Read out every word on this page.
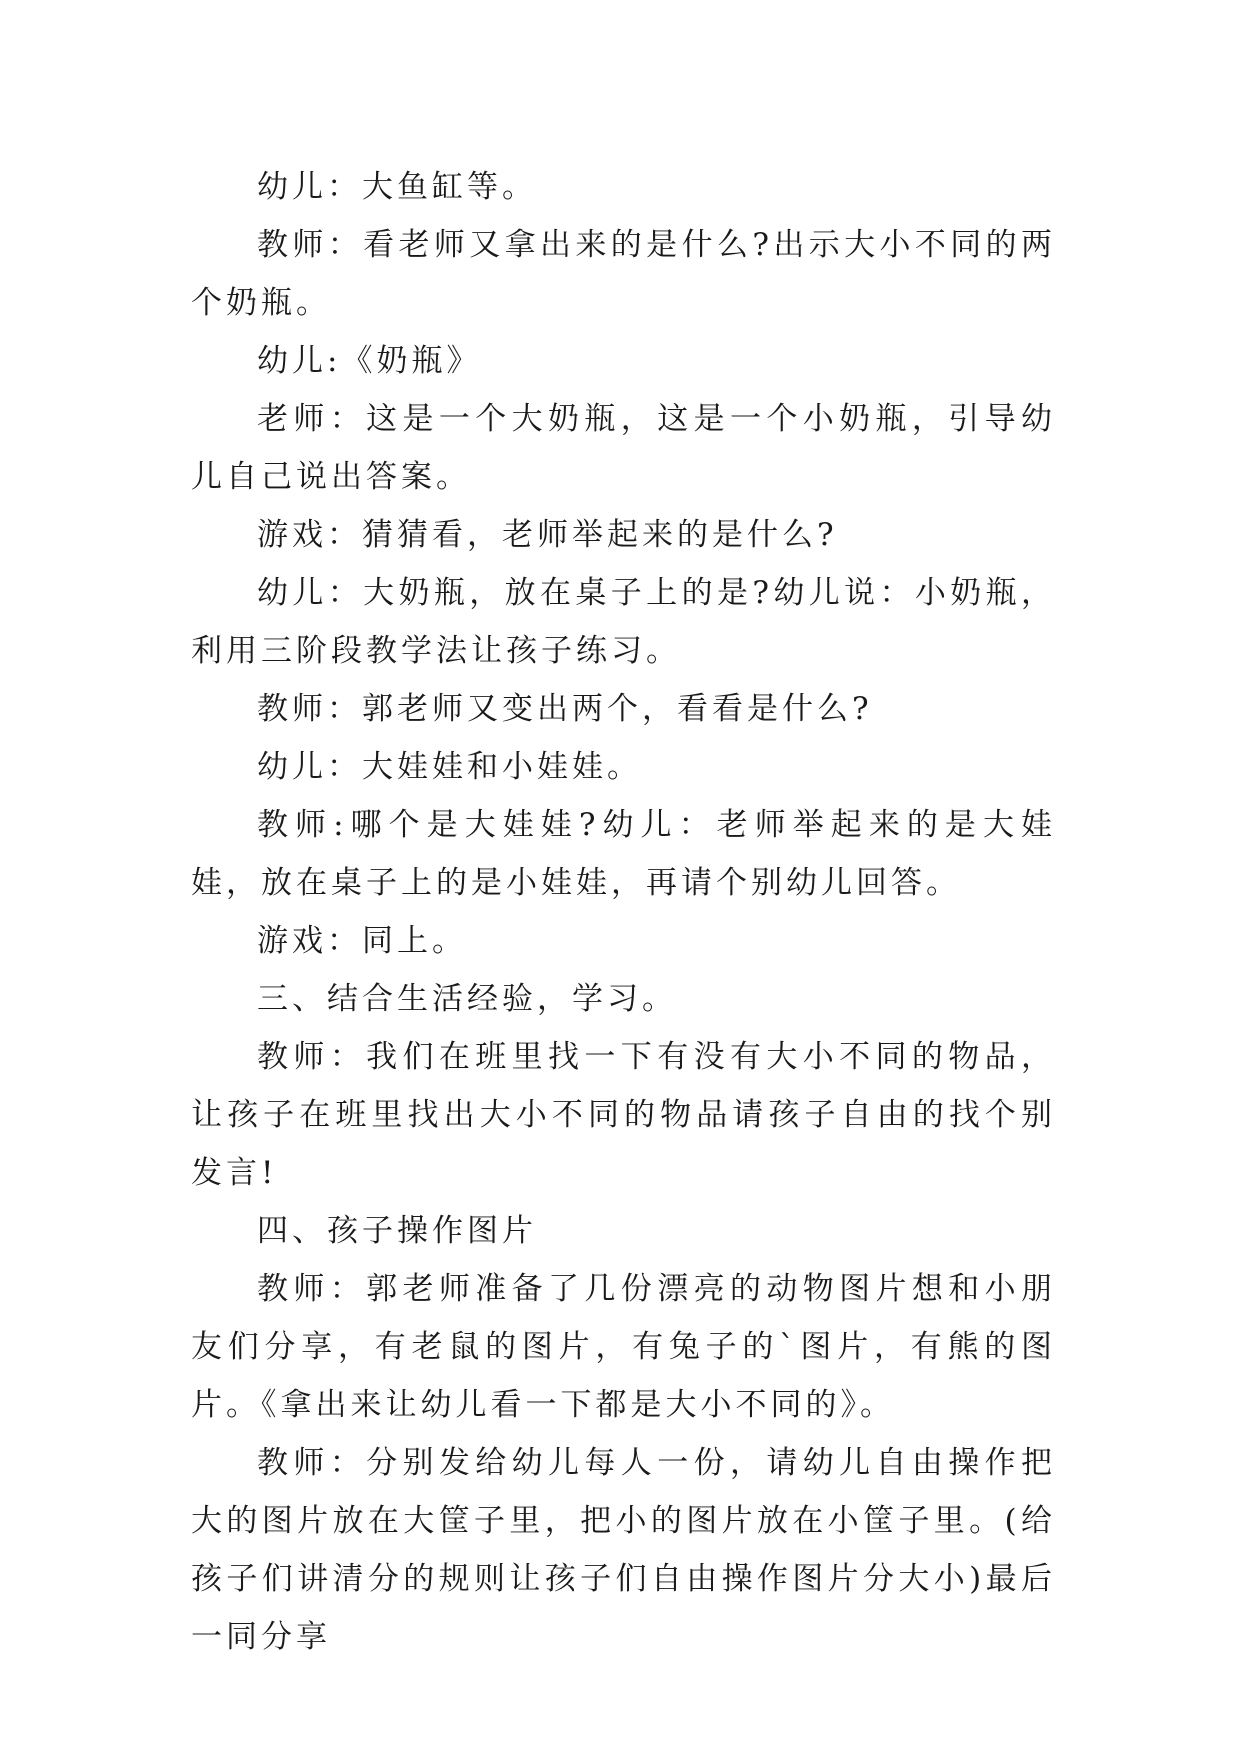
幼儿：大鱼缸等。

教师：看老师又拿出来的是什么?出示大小不同的两个奶瓶。

幼儿:《奶瓶》

老师：这是一个大奶瓶，这是一个小奶瓶，引导幼儿自己说出答案。

游戏：猜猜看，老师举起来的是什么?

幼儿：大奶瓶，放在桌子上的是?幼儿说：小奶瓶，利用三阶段教学法让孩子练习。

教师：郭老师又变出两个，看看是什么?

幼儿：大娃娃和小娃娃。

教师:哪个是大娃娃?幼儿：老师举起来的是大娃娃，放在桌子上的是小娃娃，再请个别幼儿回答。

游戏：同上。

三、结合生活经验，学习。

教师：我们在班里找一下有没有大小不同的物品，让孩子在班里找出大小不同的物品请孩子自由的找个别发言!

四、孩子操作图片

教师：郭老师准备了几份漂亮的动物图片想和小朋友们分享，有老鼠的图片，有兔子的`图片，有熊的图片。《拿出来让幼儿看一下都是大小不同的》。

教师：分别发给幼儿每人一份，请幼儿自由操作把大的图片放在大筐子里，把小的图片放在小筐子里。(给孩子们讲清分的规则让孩子们自由操作图片分大小)最后一同分享
